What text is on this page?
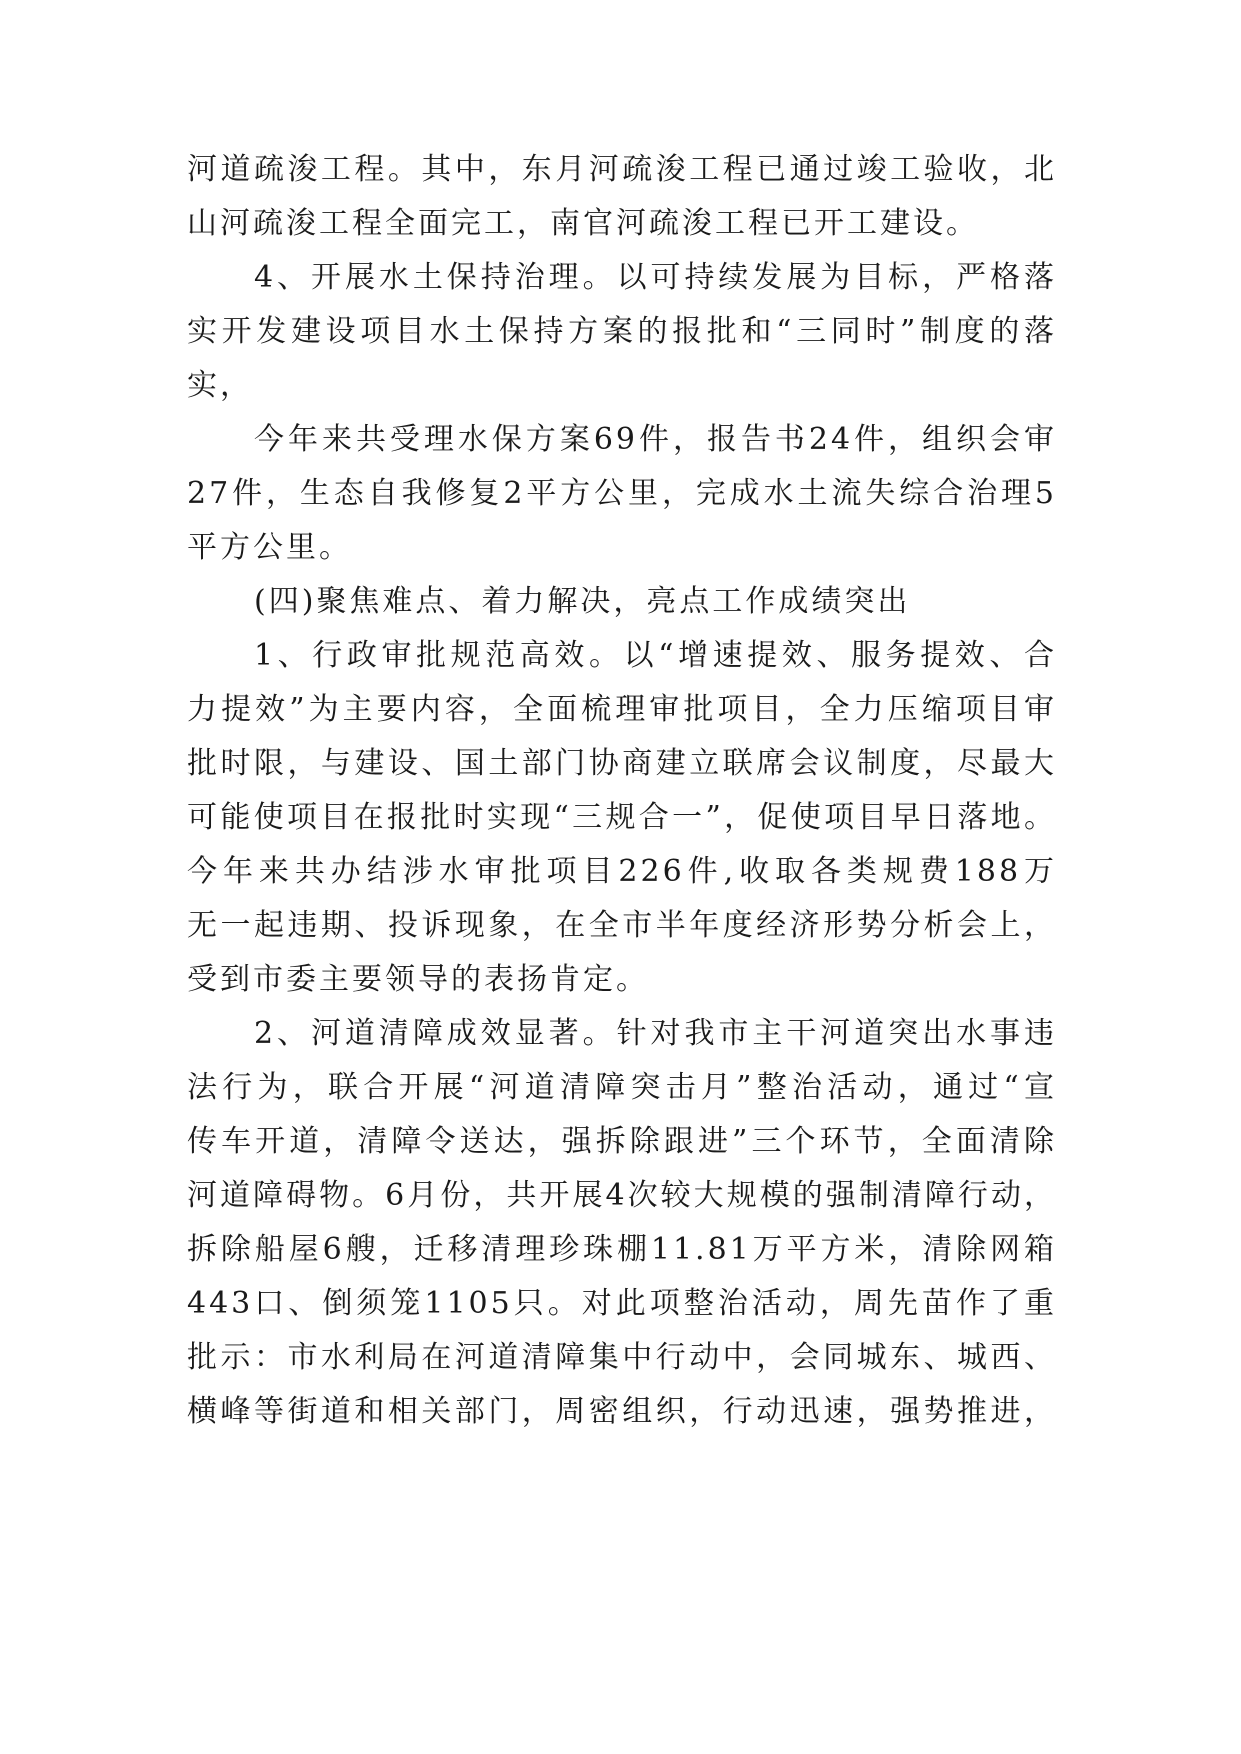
河道疏浚工程。其中，东月河疏浚工程已通过竣工验收，北
山河疏浚工程全面完工，南官河疏浚工程已开工建设。
4、开展水土保持治理。以可持续发展为目标，严格落
实开发建设项目水土保持方案的报批和“三同时”制度的落
实，
今年来共受理水保方案69件，报告书24件，组织会审
27件，生态自我修复2平方公里，完成水土流失综合治理5
平方公里。
(四)聚焦难点、着力解决，亮点工作成绩突出
1、行政审批规范高效。以“增速提效、服务提效、合
力提效”为主要内容，全面梳理审批项目，全力压缩项目审
批时限，与建设、国土部门协商建立联席会议制度，尽最大
可能使项目在报批时实现“三规合一”，促使项目早日落地。
今年来共办结涉水审批项目226件,收取各类规费188万
无一起违期、投诉现象，在全市半年度经济形势分析会上，
受到市委主要领导的表扬肯定。
2、河道清障成效显著。针对我市主干河道突出水事违
法行为，联合开展“河道清障突击月”整治活动，通过“宣
传车开道，清障令送达，强拆除跟进”三个环节，全面清除
河道障碍物。6月份，共开展4次较大规模的强制清障行动，
拆除船屋6艘，迁移清理珍珠棚11.81万平方米，清除网箱
443口、倒须笼1105只。对此项整治活动，周先苗作了重
批示：市水利局在河道清障集中行动中，会同城东、城西、
横峰等街道和相关部门，周密组织，行动迅速，强势推进，
